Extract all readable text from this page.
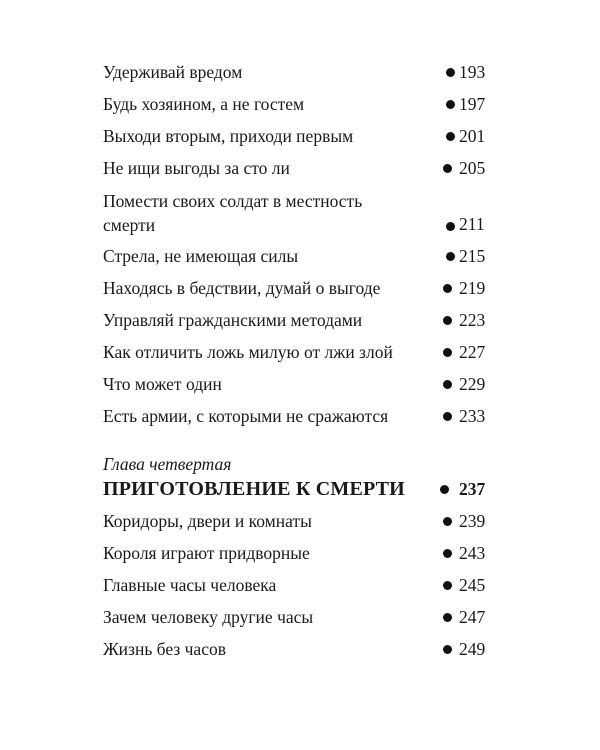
Удерживай вредом	193
Будь хозяином, а не гостем	197
Выходи вторым, приходи первым	201
Не ищи выгоды за сто ли	205
Помести своих солдат в местность смерти	211
Стрела, не имеющая силы	215
Находясь в бедствии, думай о выгоде	219
Управляй гражданскими методами	223
Как отличить ложь милую от лжи злой	227
Что может один	229
Есть армии, с которыми не сражаются	233
Глава четвертая
ПРИГОТОВЛЕНИЕ К СМЕРТИ	237
Коридоры, двери и комнаты	239
Короля играют придворные	243
Главные часы человека	245
Зачем человеку другие часы	247
Жизнь без часов	249
